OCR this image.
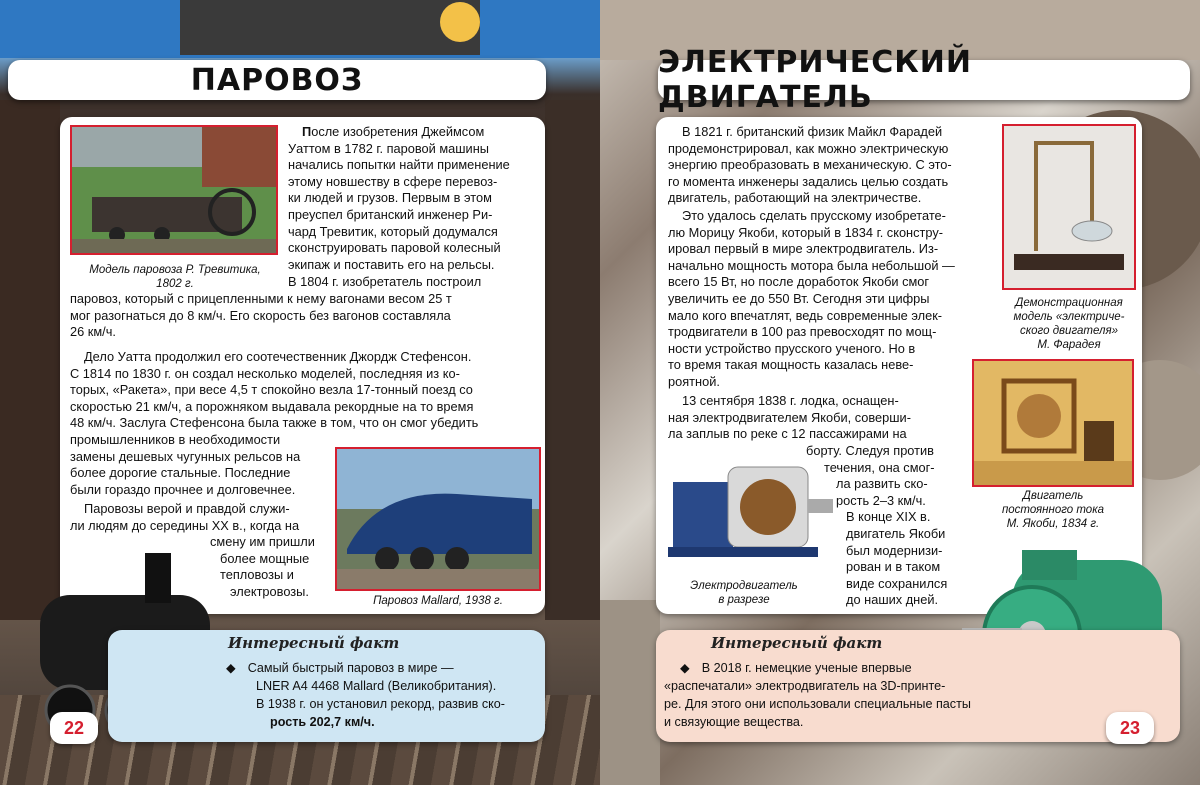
ПАРОВОЗ
Модель паровоза Р. Тревитика,
1802 г.

После изобретения Джеймсом

Уаттом в 1782 г. паровой машины

начались попытки найти применение

этому новшеству в сфере перевоз-

ки людей и грузов. Первым в этом

преуспел британский инженер Ри-

чард Тревитик, который додумался

сконструировать паровой колесный

экипаж и поставить его на рельсы.

В 1804 г. изобретатель построил

паровоз, который с прицепленными к нему вагонами весом 25 т

мог разогнаться до 8 км/ч. Его скорость без вагонов составляла

26 км/ч.

Дело Уатта продолжил его соотечественник Джордж Стефенсон.

С 1814 по 1830 г. он создал несколько моделей, последняя из ко-

торых, «Ракета», при весе 4,5 т спокойно везла 17-тонный поезд со

скоростью 21 км/ч, а порожняком выдавала рекордные на то время

48 км/ч. Заслуга Стефенсона была также в том, что он смог убедить

промышленников в необходимости

замены дешевых чугунных рельсов на

более дорогие стальные. Последние

были гораздо прочнее и долговечнее.

Паровозы верой и правдой служи-

ли людям до середины XX в., когда на

смену им пришли

более мощные

тепловозы и

электровозы.

Паровоз Mallard, 1938 г.
Интересный факт
◆ Самый быстрый паровоз в мире —
LNER A4 4468 Mallard (Великобритания).
В 1938 г. он установил рекорд, развив ско-
рость 202,7 км/ч.
22
ЭЛЕКТРИЧЕСКИЙ ДВИГАТЕЛЬ

В 1821 г. британский физик Майкл Фарадей

продемонстрировал, как можно электрическую

энергию преобразовать в механическую. С это-

го момента инженеры задались целью создать

двигатель, работающий на электричестве.

Это удалось сделать прусскому изобретате-

лю Морицу Якоби, который в 1834 г. сконстру-

ировал первый в мире электродвигатель. Из-

начально мощность мотора была небольшой —

всего 15 Вт, но после доработок Якоби смог

увеличить ее до 550 Вт. Сегодня эти цифры

мало кого впечатлят, ведь современные элек-

тродвигатели в 100 раз превосходят по мощ-

ности устройство прусского ученого. Но в

то время такая мощность казалась неве-

роятной.

13 сентября 1838 г. лодка, оснащен-

ная электродвигателем Якоби, соверши-

ла заплыв по реке с 12 пассажирами на

борту. Следуя против

течения, она смог-

ла развить ско-

рость 2–3 км/ч.

В конце XIX в.

двигатель Якоби

был модернизи-

рован и в таком

виде сохранился

до наших дней.

Электродвигатель
в разрезе
Демонстрационная
модель «электриче-
ского двигателя»
М. Фарадея
Двигатель
постоянного тока
М. Якоби, 1834 г.
Интересный факт
◆ В 2018 г. немецкие ученые впервые
«распечатали» электродвигатель на 3D-принте-
ре. Для этого они использовали специальные пасты
и связующие вещества.	23
